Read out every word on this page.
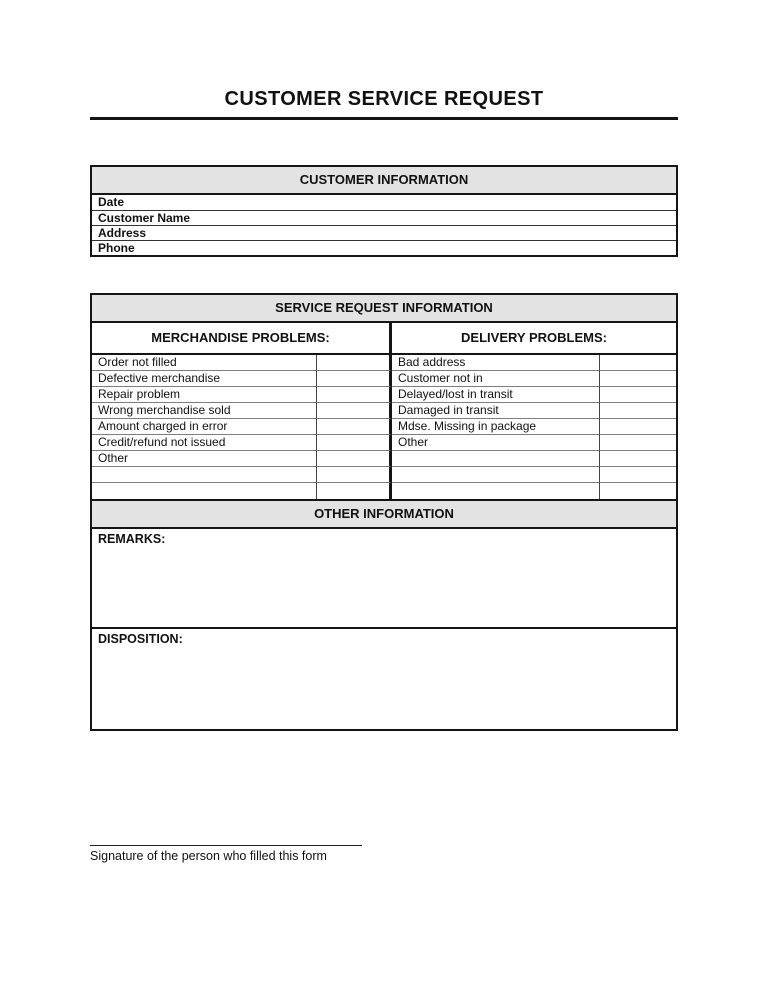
CUSTOMER SERVICE REQUEST
CUSTOMER INFORMATION
Date
Customer Name
Address
Phone
SERVICE REQUEST INFORMATION
MERCHANDISE PROBLEMS:	DELIVERY PROBLEMS:
Order not filled	Bad address
Defective merchandise	Customer not in
Repair problem	Delayed/lost in transit
Wrong merchandise sold	Damaged in transit
Amount charged in error	Mdse. Missing in package
Credit/refund not issued	Other
Other
OTHER INFORMATION
REMARKS:
DISPOSITION:
Signature of the person who filled this form
